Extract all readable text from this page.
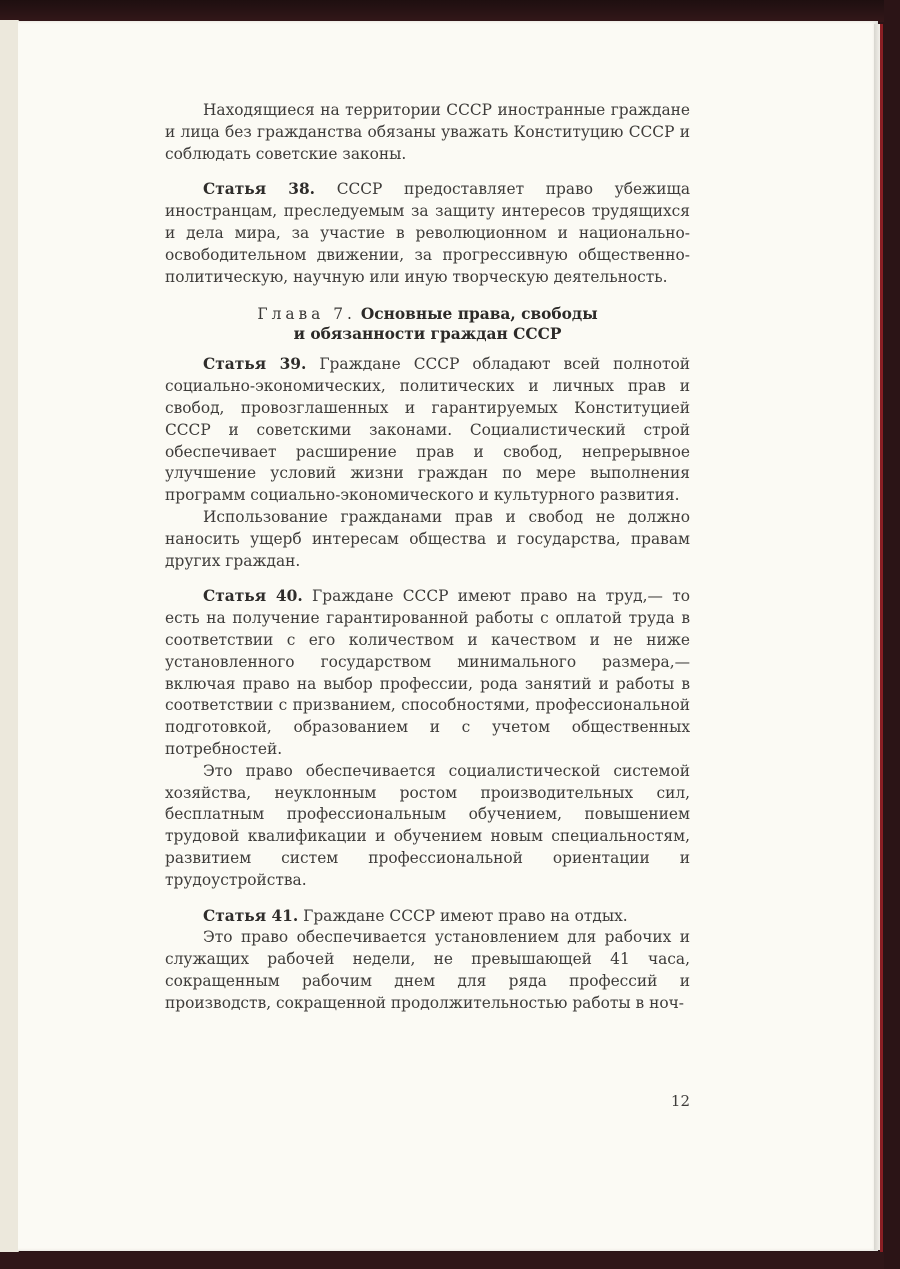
Находящиеся на территории СССР иностранные граждане и лица без гражданства обязаны уважать Конституцию СССР и соблюдать советские законы.

Статья 38. СССР предоставляет право убежища иностранцам, преследуемым за защиту интересов трудящихся и дела мира, за участие в революционном и национально-освободительном движении, за прогрессивную общественно-политическую, научную или иную творческую деятельность.

Глава 7. Основные права, свободы
и обязанности граждан СССР

Статья 39. Граждане СССР обладают всей полнотой социально-экономических, политических и личных прав и свобод, провозглашенных и гарантируемых Конституцией СССР и советскими законами. Социалистический строй обеспечивает расширение прав и свобод, непрерывное улучшение условий жизни граждан по мере выполнения программ социально-экономического и культурного развития.

Использование гражданами прав и свобод не должно наносить ущерб интересам общества и государства, правам других граждан.

Статья 40. Граждане СССР имеют право на труд,— то есть на получение гарантированной работы с оплатой труда в соответствии с его количеством и качеством и не ниже установленного государством минимального размера,— включая право на выбор профессии, рода занятий и работы в соответствии с призванием, способностями, профессиональной подготовкой, образованием и с учетом общественных потребностей.

Это право обеспечивается социалистической системой хозяйства, неуклонным ростом производительных сил, бесплатным профессиональным обучением, повышением трудовой квалификации и обучением новым специальностям, развитием систем профессиональной ориентации и трудоустройства.

Статья 41. Граждане СССР имеют право на отдых.

Это право обеспечивается установлением для рабочих и служащих рабочей недели, не превышающей 41 часа, сокращенным рабочим днем для ряда профессий и производств, сокращенной продолжительностью работы в ноч-

12
